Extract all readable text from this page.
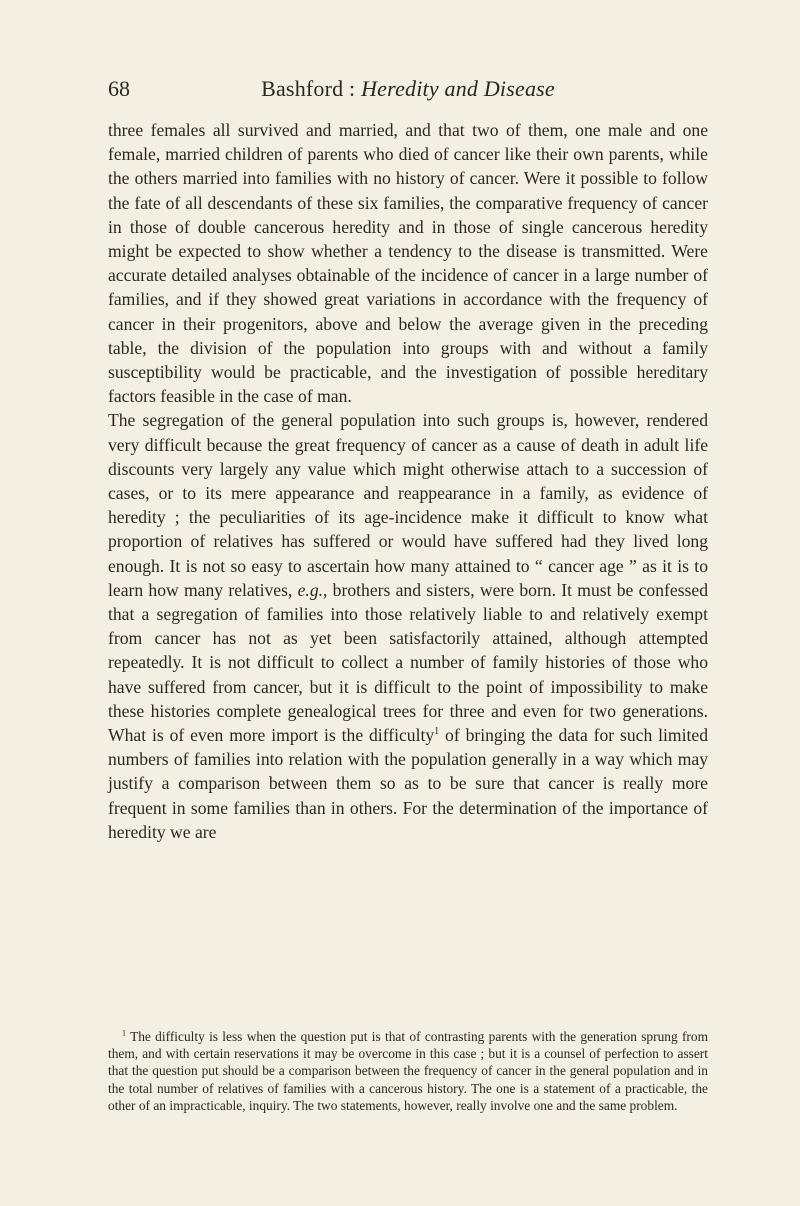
68	Bashford : Heredity and Disease

three females all survived and married, and that two of them, one male and one female, married children of parents who died of cancer like their own parents, while the others married into families with no history of cancer. Were it possible to follow the fate of all descendants of these six families, the comparative frequency of cancer in those of double cancerous heredity and in those of single cancerous heredity might be expected to show whether a tendency to the disease is transmitted. Were accurate detailed analyses obtainable of the incidence of cancer in a large number of families, and if they showed great variations in accordance with the frequency of cancer in their progenitors, above and below the average given in the preceding table, the division of the population into groups with and without a family susceptibility would be practicable, and the investigation of possible hereditary factors feasible in the case of man.

The segregation of the general population into such groups is, however, rendered very difficult because the great frequency of cancer as a cause of death in adult life discounts very largely any value which might otherwise attach to a succession of cases, or to its mere appearance and reappearance in a family, as evidence of heredity ; the peculiarities of its age-incidence make it difficult to know what proportion of relatives has suffered or would have suffered had they lived long enough. It is not so easy to ascertain how many attained to “ cancer age ” as it is to learn how many relatives, e.g., brothers and sisters, were born. It must be confessed that a segregation of families into those relatively liable to and relatively exempt from cancer has not as yet been satisfactorily attained, although attempted repeatedly. It is not difficult to collect a number of family histories of those who have suffered from cancer, but it is difficult to the point of impossibility to make these histories complete genealogical trees for three and even for two generations. What is of even more import is the difficulty$^1$ of bringing the data for such limited numbers of families into relation with the population generally in a way which may justify a comparison between them so as to be sure that cancer is really more frequent in some families than in others. For the determination of the importance of heredity we are

$^1$ The difficulty is less when the question put is that of contrasting parents with the generation sprung from them, and with certain reservations it may be overcome in this case ; but it is a counsel of perfection to assert that the question put should be a comparison between the frequency of cancer in the general population and in the total number of relatives of families with a cancerous history. The one is a statement of a practicable, the other of an impracticable, inquiry. The two statements, however, really involve one and the same problem.
